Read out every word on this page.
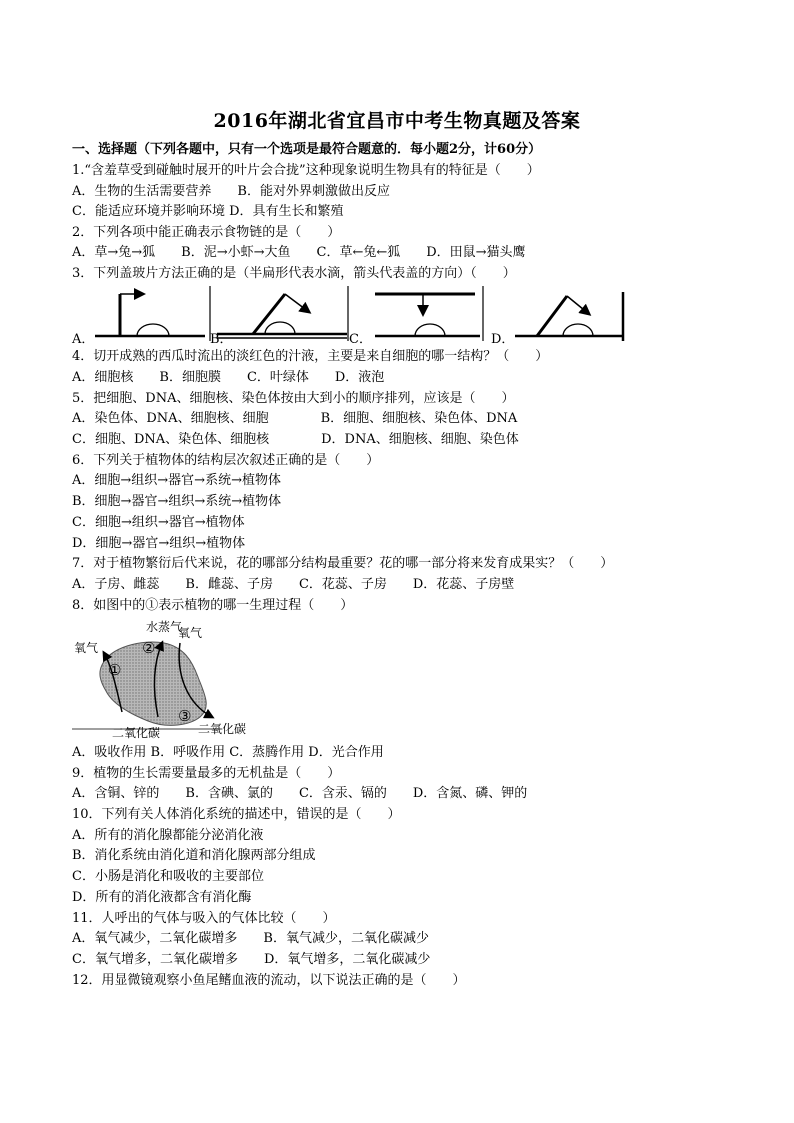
2016年湖北省宜昌市中考生物真题及答案
一、选择题（下列各题中，只有一个选项是最符合题意的．每小题2分，计60分）
1.“含羞草受到碰触时展开的叶片会合拢”这种现象说明生物具有的特征是（　　）
A．生物的生活需要营养　　B．能对外界刺激做出反应
C．能适应环境并影响环境 D．具有生长和繁殖
2．下列各项中能正确表示食物链的是（　　）
A．草→兔→狐　　B．泥→小虾→大鱼　　C．草←兔←狐　　D．田鼠→猫头鹰
3．下列盖玻片方法正确的是（半扁形代表水滴，箭头代表盖的方向）（　　）
A．	B．	C．	D．
4．切开成熟的西瓜时流出的淡红色的汁液，主要是来自细胞的哪一结构？（　　）
A．细胞核　　B．细胞膜　　C．叶绿体　　D．液泡
5．把细胞、DNA、细胞核、染色体按由大到小的顺序排列，应该是（　　）
A．染色体、DNA、细胞核、细胞　　　　B．细胞、细胞核、染色体、DNA
C．细胞、DNA、染色体、细胞核　　　　D．DNA、细胞核、细胞、染色体
6．下列关于植物体的结构层次叙述正确的是（　　）
A．细胞→组织→器官→系统→植物体
B．细胞→器官→组织→系统→植物体
C．细胞→组织→器官→植物体
D．细胞→器官→组织→植物体
7．对于植物繁衍后代来说，花的哪部分结构最重要？花的哪一部分将来发育成果实？（　　）
A．子房、雌蕊　　B．雌蕊、子房　　C．花蕊、子房　　D．花蕊、子房壁
8．如图中的①表示植物的哪一生理过程（　　）
氧气
水蒸气
氧气
①
②
③
二氧化碳	二氧化碳
A．吸收作用 B．呼吸作用 C．蒸腾作用 D．光合作用
9．植物的生长需要量最多的无机盐是（　　）
A．含铜、锌的　　B．含碘、氯的　　C．含汞、镉的　　D．含氮、磷、钾的
10．下列有关人体消化系统的描述中，错误的是（　　）
A．所有的消化腺都能分泌消化液
B．消化系统由消化道和消化腺两部分组成
C．小肠是消化和吸收的主要部位
D．所有的消化液都含有消化酶
11．人呼出的气体与吸入的气体比较（　　）
A．氧气减少，二氧化碳增多　　B．氧气减少，二氧化碳减少
C．氧气增多，二氧化碳增多　　D．氧气增多，二氧化碳减少
12．用显微镜观察小鱼尾鳍血液的流动，以下说法正确的是（　　）
